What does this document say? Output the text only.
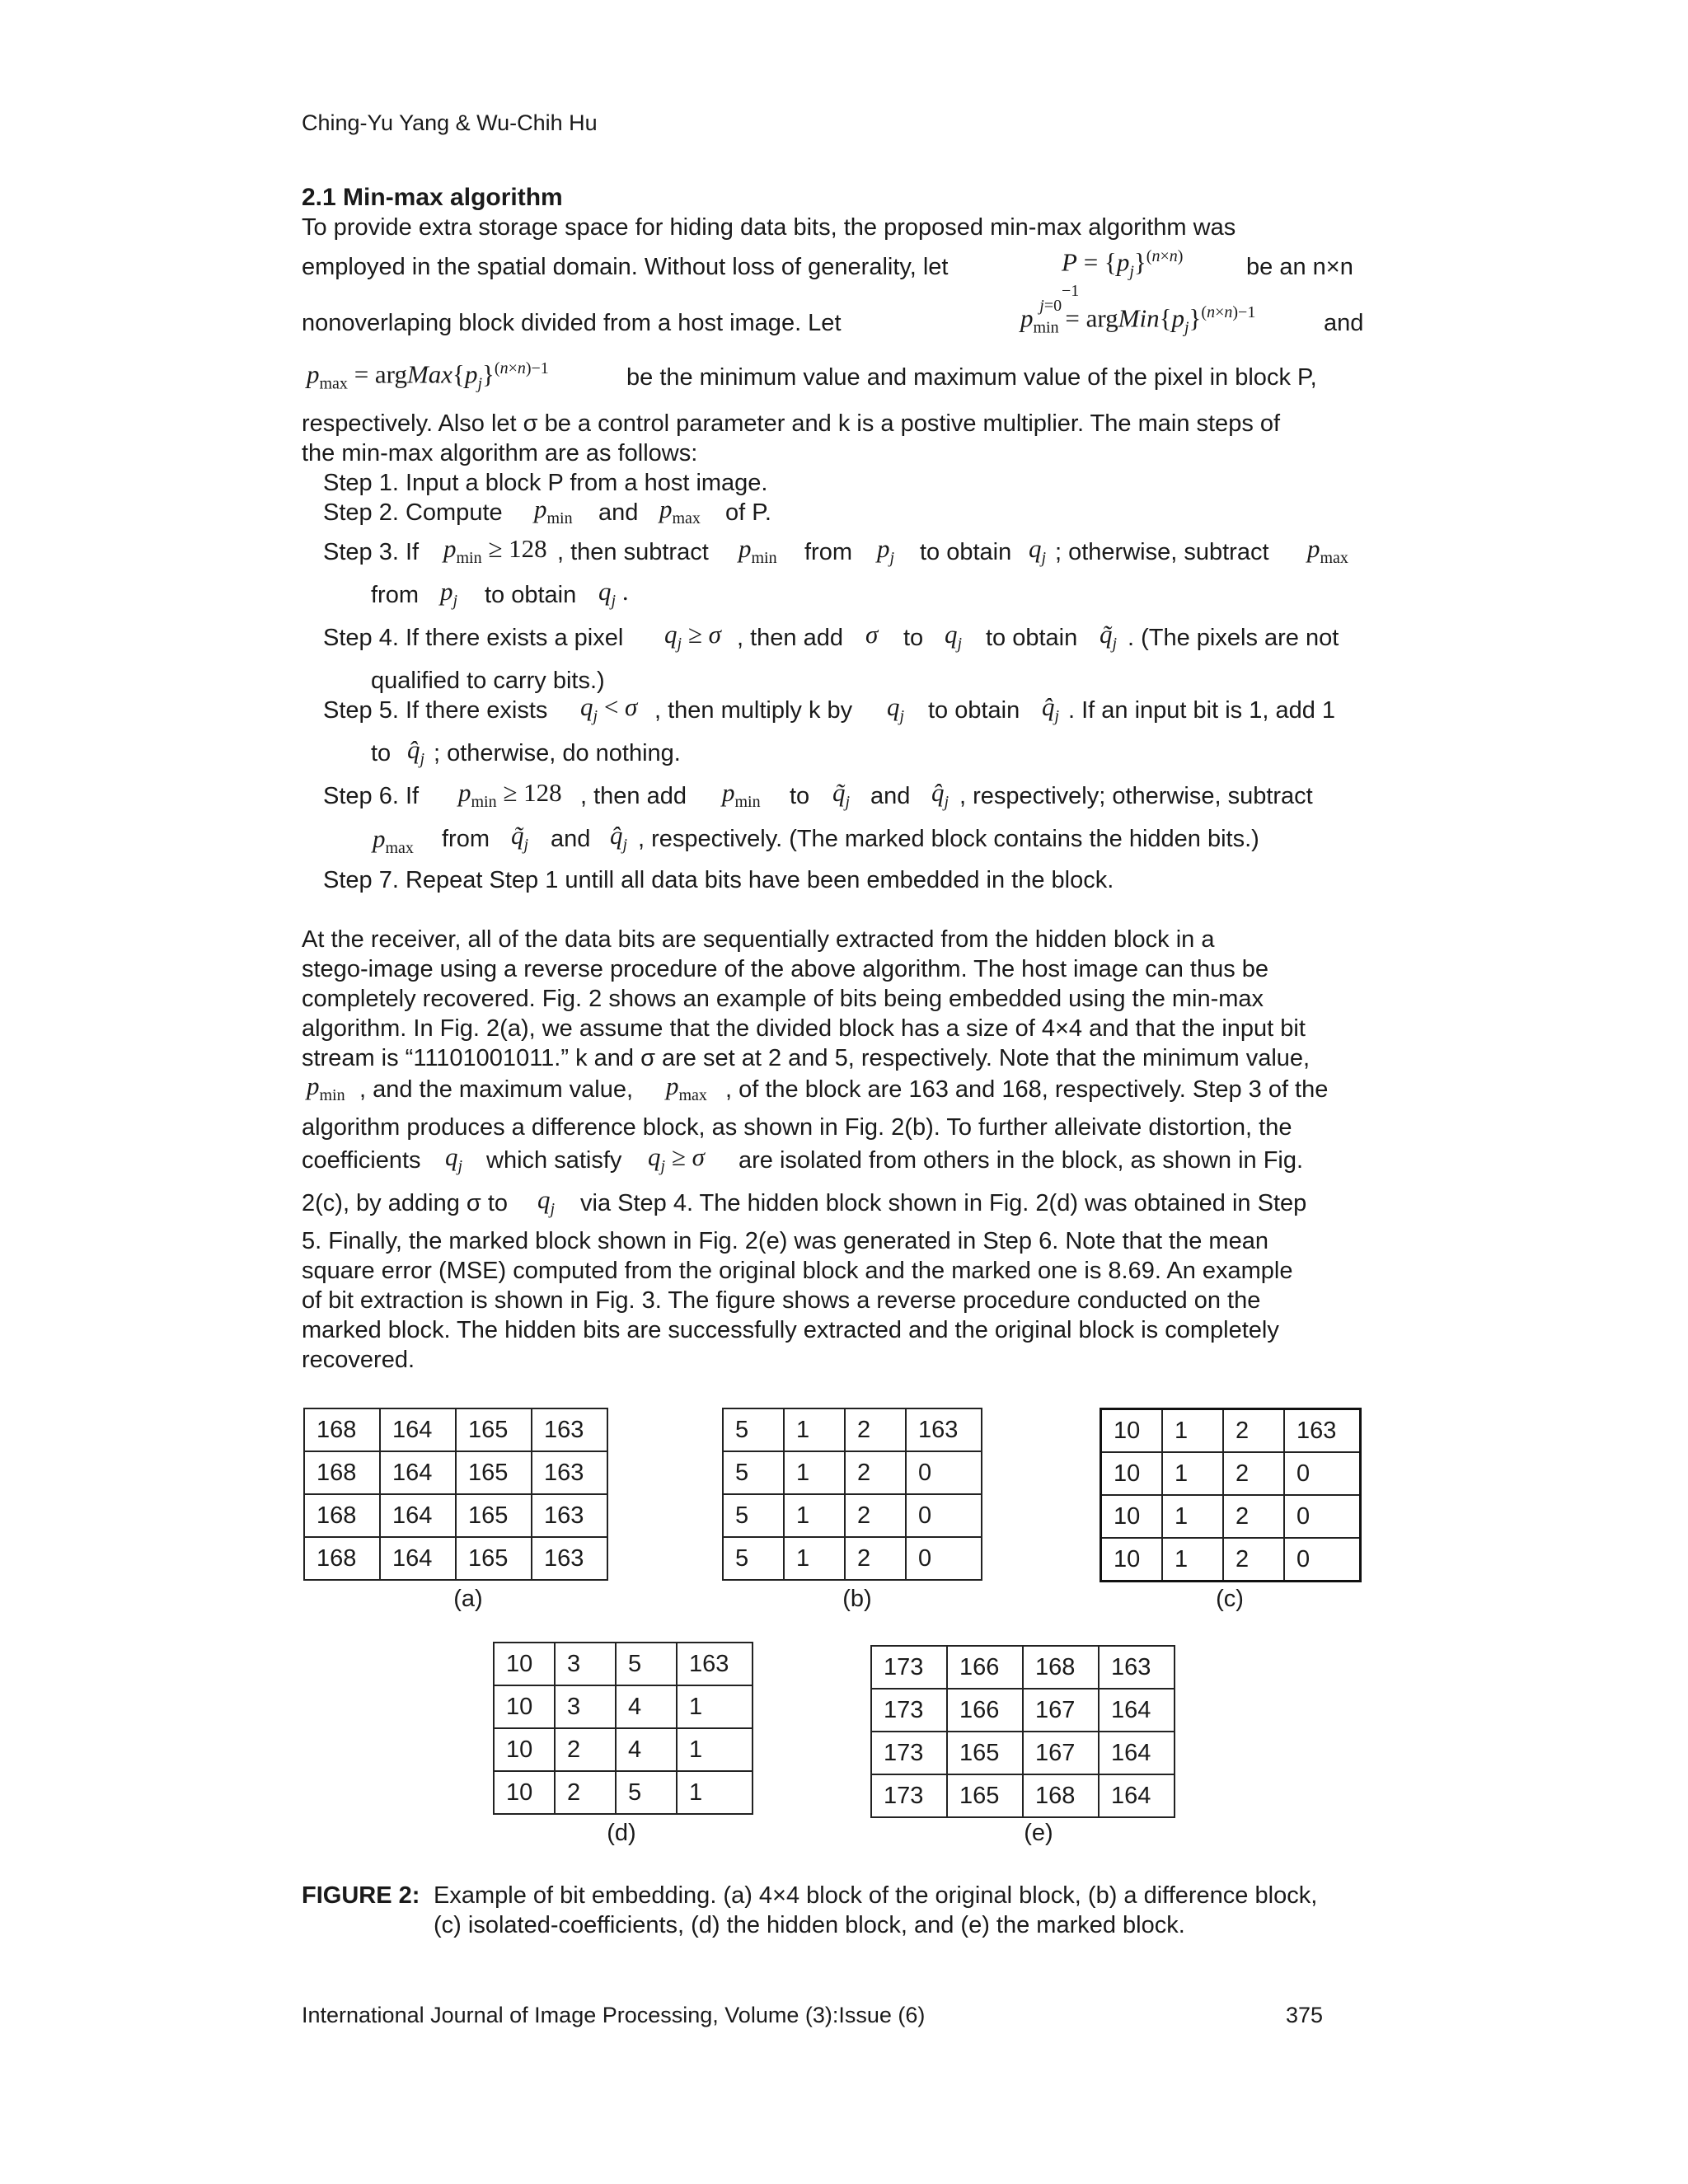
Ching-Yu Yang & Wu-Chih Hu
2.1 Min-max algorithm
To provide extra storage space for hiding data bits, the proposed min-max algorithm was
employed in the spatial domain. Without loss of generality, let	$P = \{p_j\}^{(n\times n)-1}_{j=0}$
be an n×n
nonoverlaping block divided from a host image. Let	$p_{min}$ = $argMin\{p_j\}^{(n\times n)-1}$	and
$p_{max}$ = $argMax\{p_j\}^{(n\times n)-1}$	be the minimum value and maximum value of the pixel in block P,
respectively. Also let σ be a control parameter and k is a postive multiplier. The main steps of
the min-max algorithm are as follows:
Step 1. Input a block P from a host image.
Step 2. Compute $p_{min}$ and $p_{max}$ of P.
Step 3. If $p_{min} \ge 128$ , then subtract $p_{min}$ from $p_j$ to obtain $q_j$ ; otherwise, subtract $p_{max}$
from $p_j$ to obtain $q_j$ .
Step 4. If there exists a pixel $q_j \ge \sigma$ , then add σ to $q_j$ to obtain $q̃_j$ . (The pixels are not
qualified to carry bits.)
Step 5. If there exists $q_j < \sigma$ , then multiply k by $q_j$ to obtain $q̂_j$ . If an input bit is 1, add 1
to $q̂_j$ ; otherwise, do nothing.
Step 6. If $p_{min} \ge 128$ , then add $p_{min}$ to $q̃_j$ and $q̂_j$ , respectively; otherwise, subtract
$p_{max}$ from $q̃_j$ and $q̂_j$ , respectively. (The marked block contains the hidden bits.)
Step 7. Repeat Step 1 untill all data bits have been embedded in the block.
At the receiver, all of the data bits are sequentially extracted from the hidden block in a
stego-image using a reverse procedure of the above algorithm. The host image can thus be
completely recovered. Fig. 2 shows an example of bits being embedded using the min-max
algorithm. In Fig. 2(a), we assume that the divided block has a size of 4×4 and that the input bit
stream is “11101001011.” k and σ are set at 2 and 5, respectively. Note that the minimum value,
$p_{min}$ , and the maximum value, $p_{max}$ , of the block are 163 and 168, respectively. Step 3 of the
algorithm produces a difference block, as shown in Fig. 2(b). To further alleivate distortion, the
coefficients $q_j$ which satisfy $q_j \ge \sigma$ are isolated from others in the block, as shown in Fig.
2(c), by adding σ to $q_j$ via Step 4. The hidden block shown in Fig. 2(d) was obtained in Step
5. Finally, the marked block shown in Fig. 2(e) was generated in Step 6. Note that the mean
square error (MSE) computed from the original block and the marked one is 8.69. An example
of bit extraction is shown in Fig. 3. The figure shows a reverse procedure conducted on the
marked block. The hidden bits are successfully extracted and the original block is completely
recovered.
168	164	165	163
168	164	165	163
168	164	165	163
168	164	165	163
(a)
5	1	2	163
5	1	2	0
5	1	2	0
5	1	2	0
(b)
10	1	2	163
10	1	2	0
10	1	2	0
10	1	2	0
(c)
10	3	5	163
10	3	4	1
10	2	4	1
10	2	5	1
(d)
173	166	168	163
173	166	167	164
173	165	167	164
173	165	168	164
(e)
FIGURE 2: Example of bit embedding. (a) 4×4 block of the original block, (b) a difference block,
(c) isolated-coefficients, (d) the hidden block, and (e) the marked block.
International Journal of Image Processing, Volume (3):Issue (6)	375
